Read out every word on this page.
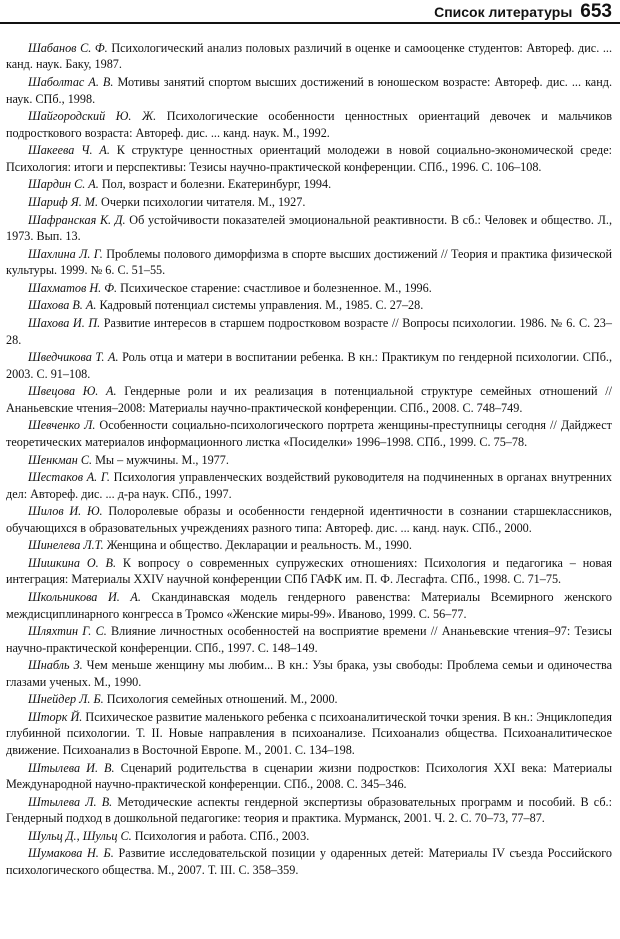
Список литературы 653

Шабанов С. Ф. Психологический анализ половых различий в оценке и самооценке студентов: Автореф. дис. ... канд. наук. Баку, 1987.

Шаболтас А. В. Мотивы занятий спортом высших достижений в юношеском возрасте: Автореф. дис. ... канд. наук. СПб., 1998.

Шайгородский Ю. Ж. Психологические особенности ценностных ориентаций девочек и мальчиков подросткового возраста: Автореф. дис. ... канд. наук. М., 1992.

Шакеева Ч. А. К структуре ценностных ориентаций молодежи в новой социально-экономической среде: Психология: итоги и перспективы: Тезисы научно-практической конференции. СПб., 1996. С. 106–108.

Шардин С. А. Пол, возраст и болезни. Екатеринбург, 1994.

Шариф Я. М. Очерки психологии читателя. М., 1927.

Шафранская К. Д. Об устойчивости показателей эмоциональной реактивности. В сб.: Человек и общество. Л., 1973. Вып. 13.

Шахлина Л. Г. Проблемы полового диморфизма в спорте высших достижений // Теория и практика физической культуры. 1999. № 6. С. 51–55.

Шахматов Н. Ф. Психическое старение: счастливое и болезненное. М., 1996.

Шахова В. А. Кадровый потенциал системы управления. М., 1985. С. 27–28.

Шахова И. П. Развитие интересов в старшем подростковом возрасте // Вопросы психологии. 1986. № 6. С. 23–28.

Шведчикова Т. А. Роль отца и матери в воспитании ребенка. В кн.: Практикум по гендерной психологии. СПб., 2003. С. 91–108.

Швецова Ю. А. Гендерные роли и их реализация в потенциальной структуре семейных отношений // Ананьевские чтения–2008: Материалы научно-практической конференции. СПб., 2008. С. 748–749.

Шевченко Л. Особенности социально-психологического портрета женщины-преступницы сегодня // Дайджест теоретических материалов информационного листка «Посиделки» 1996–1998. СПб., 1999. С. 75–78.

Шенкман С. Мы – мужчины. М., 1977.

Шестаков А. Г. Психология управленческих воздействий руководителя на подчиненных в органах внутренних дел: Автореф. дис. ... д-ра наук. СПб., 1997.

Шилов И. Ю. Полоролевые образы и особенности гендерной идентичности в сознании старшеклассников, обучающихся в образовательных учреждениях разного типа: Автореф. дис. ... канд. наук. СПб., 2000.

Шинелева Л.Т. Женщина и общество. Декларации и реальность. М., 1990.

Шишкина О. В. К вопросу о современных супружеских отношениях: Психология и педагогика – новая интеграция: Материалы XXIV научной конференции СПб ГАФК им. П. Ф. Лесгафта. СПб., 1998. С. 71–75.

Школьникова И. А. Скандинавская модель гендерного равенства: Материалы Всемирного женского междисциплинарного конгресса в Тромсо «Женские миры-99». Иваново, 1999. С. 56–77.

Шляхтин Г. С. Влияние личностных особенностей на восприятие времени // Ананьевские чтения–97: Тезисы научно-практической конференции. СПб., 1997. С. 148–149.

Шнабль З. Чем меньше женщину мы любим... В кн.: Узы брака, узы свободы: Проблема семьи и одиночества глазами ученых. М., 1990.

Шнейдер Л. Б. Психология семейных отношений. М., 2000.

Шторк Й. Психическое развитие маленького ребенка с психоаналитической точки зрения. В кн.: Энциклопедия глубинной психологии. Т. II. Новые направления в психоанализе. Психоанализ общества. Психоаналитическое движение. Психоанализ в Восточной Европе. М., 2001. С. 134–198.

Штылева И. В. Сценарий родительства в сценарии жизни подростков: Психология XXI века: Материалы Международной научно-практической конференции. СПб., 2008. С. 345–346.

Штылева Л. В. Методические аспекты гендерной экспертизы образовательных программ и пособий. В сб.: Гендерный подход в дошкольной педагогике: теория и практика. Мурманск, 2001. Ч. 2. С. 70–73, 77–87.

Шульц Д., Шульц С. Психология и работа. СПб., 2003.

Шумакова Н. Б. Развитие исследовательской позиции у одаренных детей: Материалы IV съезда Российского психологического общества. М., 2007. Т. III. С. 358–359.
